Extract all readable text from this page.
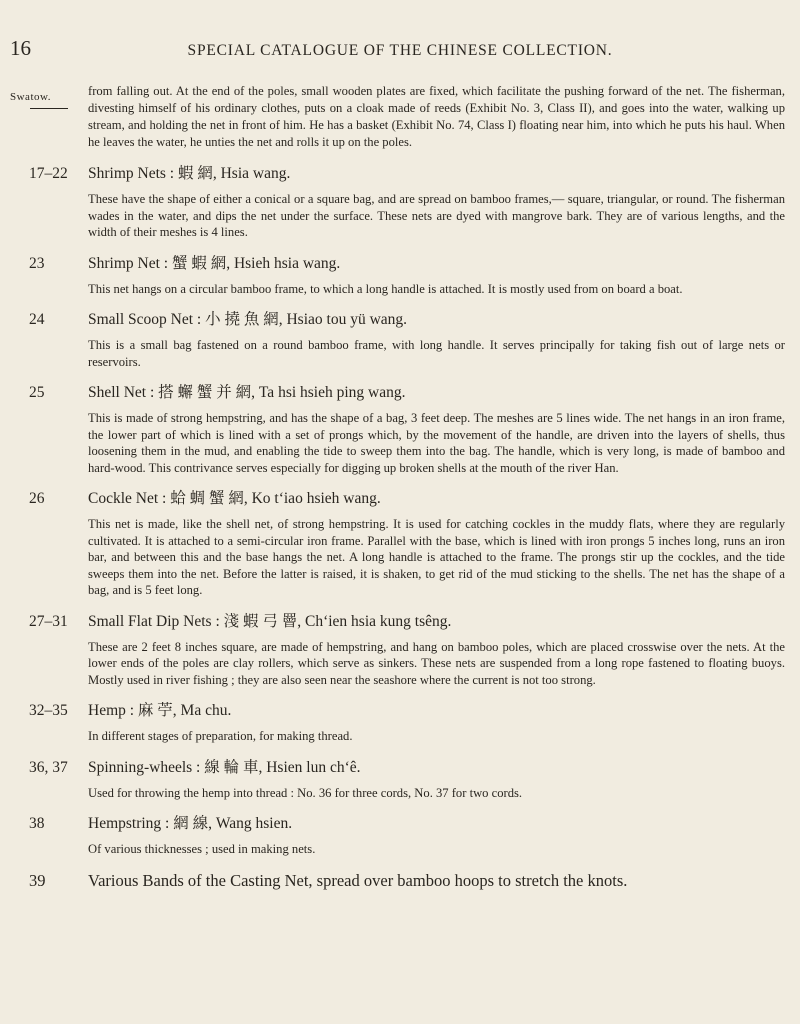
16	SPECIAL CATALOGUE OF THE CHINESE COLLECTION.
Swatow.	from falling out. At the end of the poles, small wooden plates are fixed, which facilitate the pushing forward of the net. The fisherman, divesting himself of his ordinary clothes, puts on a cloak made of reeds (Exhibit No. 3, Class II), and goes into the water, walking up stream, and holding the net in front of him. He has a basket (Exhibit No. 74, Class I) floating near him, into which he puts his haul. When he leaves the water, he unties the net and rolls it up on the poles.

17–22	Shrimp Nets : 蝦 網, Hsia wang.

These have the shape of either a conical or a square bag, and are spread on bamboo frames,— square, triangular, or round. The fisherman wades in the water, and dips the net under the surface. These nets are dyed with mangrove bark. They are of various lengths, and the width of their meshes is 4 lines.

23	Shrimp Net : 蟹 蝦 網, Hsieh hsia wang.

This net hangs on a circular bamboo frame, to which a long handle is attached. It is mostly used from on board a boat.

24	Small Scoop Net : 小 撓 魚 網, Hsiao tou yü wang.

This is a small bag fastened on a round bamboo frame, with long handle. It serves principally for taking fish out of large nets or reservoirs.

25	Shell Net : 搭 蠏 蟹 并 網, Ta hsi hsieh ping wang.

This is made of strong hempstring, and has the shape of a bag, 3 feet deep. The meshes are 5 lines wide. The net hangs in an iron frame, the lower part of which is lined with a set of prongs which, by the movement of the handle, are driven into the layers of shells, thus loosening them in the mud, and enabling the tide to sweep them into the bag. The handle, which is very long, is made of bamboo and hard-wood. This contrivance serves especially for digging up broken shells at the mouth of the river Han.

26	Cockle Net : 蛤 蜩 蟹 網, Ko t‘iao hsieh wang.

This net is made, like the shell net, of strong hempstring. It is used for catching cockles in the muddy flats, where they are regularly cultivated. It is attached to a semi-circular iron frame. Parallel with the base, which is lined with iron prongs 5 inches long, runs an iron bar, and between this and the base hangs the net. A long handle is attached to the frame. The prongs stir up the cockles, and the tide sweeps them into the net. Before the latter is raised, it is shaken, to get rid of the mud sticking to the shells. The net has the shape of a bag, and is 5 feet long.

27–31	Small Flat Dip Nets : 淺 蝦 弓 罾, Ch‘ien hsia kung tsêng.

These are 2 feet 8 inches square, are made of hempstring, and hang on bamboo poles, which are placed crosswise over the nets. At the lower ends of the poles are clay rollers, which serve as sinkers. These nets are suspended from a long rope fastened to floating buoys. Mostly used in river fishing ; they are also seen near the seashore where the current is not too strong.

32–35	Hemp : 麻 苧, Ma chu.

In different stages of preparation, for making thread.

36, 37	Spinning-wheels : 線 輪 車, Hsien lun ch‘ê.

Used for throwing the hemp into thread : No. 36 for three cords, No. 37 for two cords.

38	Hempstring : 網 線, Wang hsien.

Of various thicknesses ; used in making nets.

39	Various Bands of the Casting Net, spread over bamboo hoops to stretch the knots.
